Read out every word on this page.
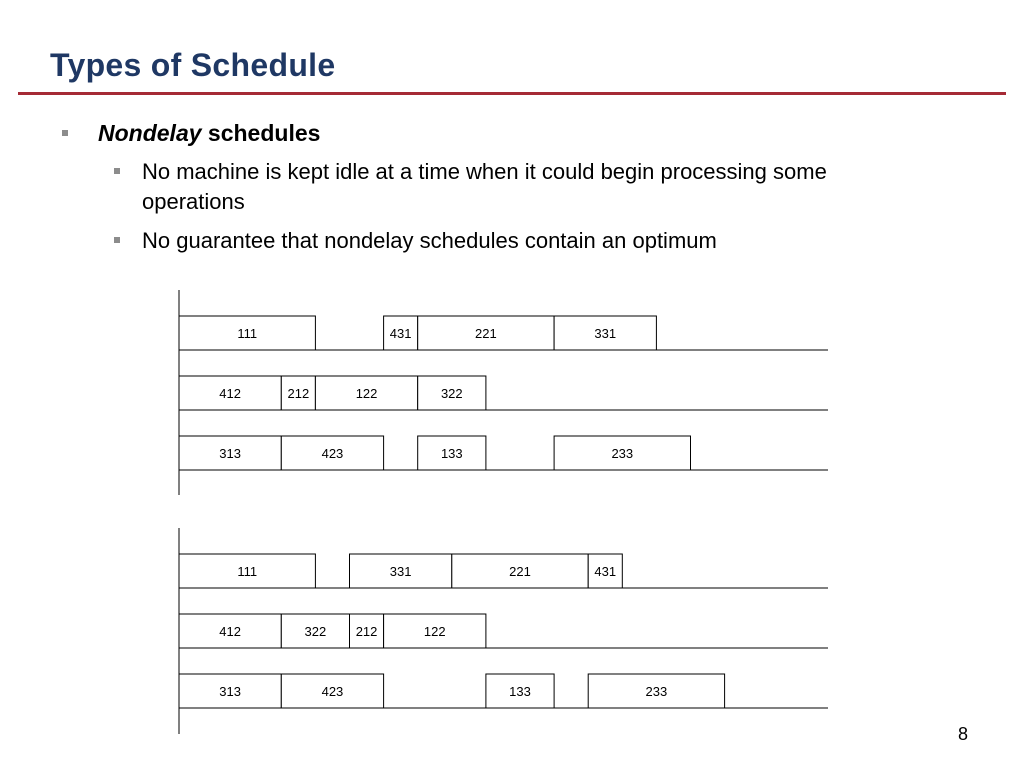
Types of Schedule
Nondelay schedules
No machine is kept idle at a time when it could begin processing some
operations
No guarantee that nondelay schedules contain an optimum
111	431	221	331
412	212	122	322
313	423	133	233
111	331	221	431
412	322 212	122
313	423	133	233
8
